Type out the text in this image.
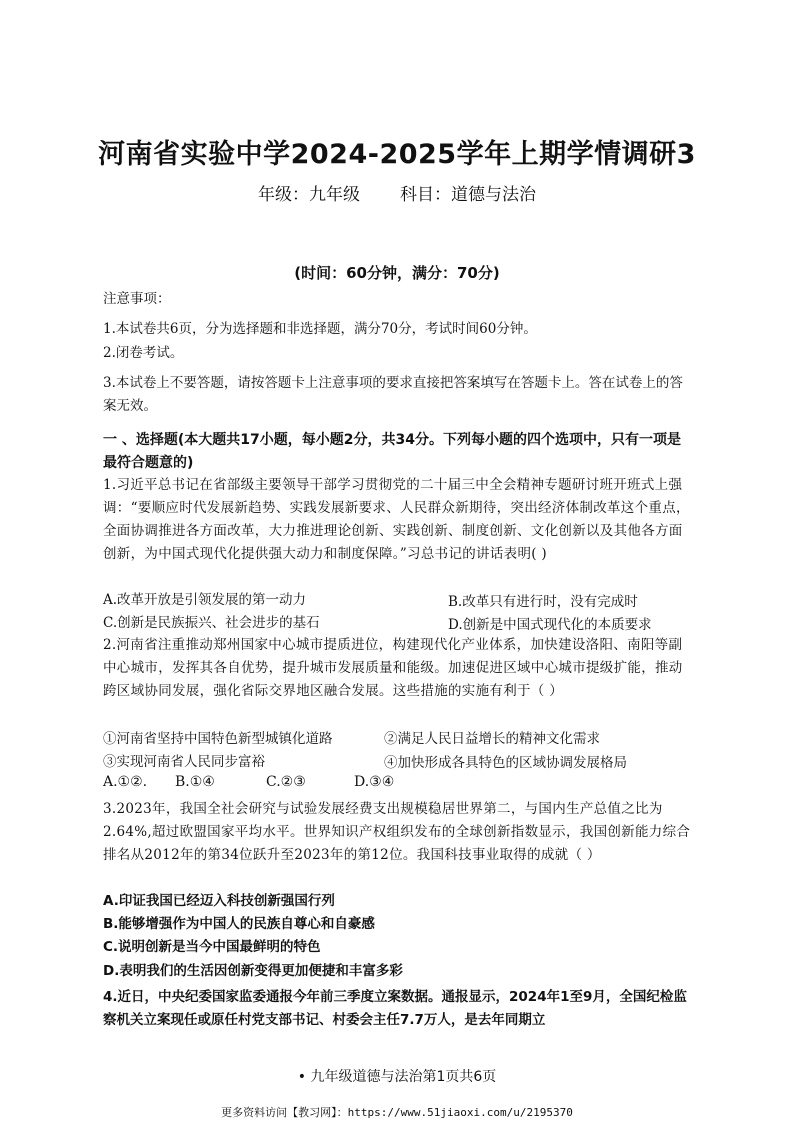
河南省实验中学2024-2025学年上期学情调研3
年级：九年级 科目：道德与法治
(时间：60分钟，满分：70分)
注意事项：
1.本试卷共6页，分为选择题和非选择题，满分70分，考试时间60分钟。
2.闭卷考试。
3.本试卷上不要答题，请按答题卡上注意事项的要求直接把答案填写在答题卡上。答在试卷上的答案无效。
一 、选择题(本大题共17小题，每小题2分，共34分。下列每小题的四个选项中，只有一项是最符合题意的)
1.习近平总书记在省部级主要领导干部学习贯彻党的二十届三中全会精神专题研讨班开班式上强调：“要顺应时代发展新趋势、实践发展新要求、人民群众新期待，突出经济体制改革这个重点，全面协调推进各方面改革，大力推进理论创新、实践创新、制度创新、文化创新以及其他各方面创新，为中国式现代化提供强大动力和制度保障。”习总书记的讲话表明( )
A.改革开放是引领发展的第一动力	B.改革只有进行时，没有完成时
C.创新是民族振兴、社会进步的基石	D.创新是中国式现代化的本质要求
2.河南省注重推动郑州国家中心城市提质进位，构建现代化产业体系，加快建设洛阳、南阳等副中心城市，发挥其各自优势，提升城市发展质量和能级。加速促进区域中心城市提级扩能，推动跨区域协同发展，强化省际交界地区融合发展。这些措施的实施有利于（ ）
①河南省坚持中国特色新型城镇化道路	②满足人民日益增长的精神文化需求
③实现河南省人民同步富裕	④加快形成各具特色的区域协调发展格局
A.①②. B.①④	C.②③	D.③④
3.2023年，我国全社会研究与试验发展经费支出规模稳居世界第二，与国内生产总值之比为2.64%,超过欧盟国家平均水平。世界知识产权组织发布的全球创新指数显示，我国创新能力综合排名从2012年的第34位跃升至2023年的第12位。我国科技事业取得的成就（ ）
A.印证我国已经迈入科技创新强国行列
B.能够增强作为中国人的民族自尊心和自豪感
C.说明创新是当今中国最鲜明的特色
D.表明我们的生活因创新变得更加便捷和丰富多彩
4.近日，中央纪委国家监委通报今年前三季度立案数据。通报显示，2024年1至9月，全国纪检监察机关立案现任或原任村党支部书记、村委会主任7.7万人，是去年同期立
• 九年级道德与法治第1页共6页
更多资料访问【教习网】：https://www.51jiaoxi.com/u/2195370
